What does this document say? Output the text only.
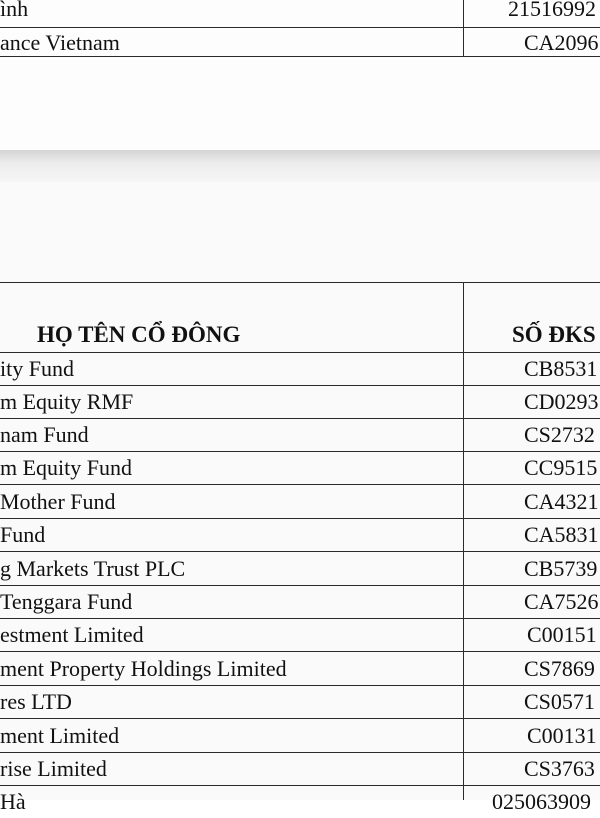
ình	21516992
ance Vietnam	CA2096
HỌ TÊN CỔ ĐÔNG	SỐ ĐKS
ity Fund	CB8531
m Equity RMF	CD0293
nam Fund	CS2732
m Equity Fund	CC9515
Mother Fund	CA4321
Fund	CA5831
g Markets Trust PLC	CB5739
Tenggara Fund	CA7526
estment Limited	C00151
ment Property Holdings Limited	CS7869
res LTD	CS0571
ment Limited	C00131
rise Limited	CS3763
Hà	025063909
